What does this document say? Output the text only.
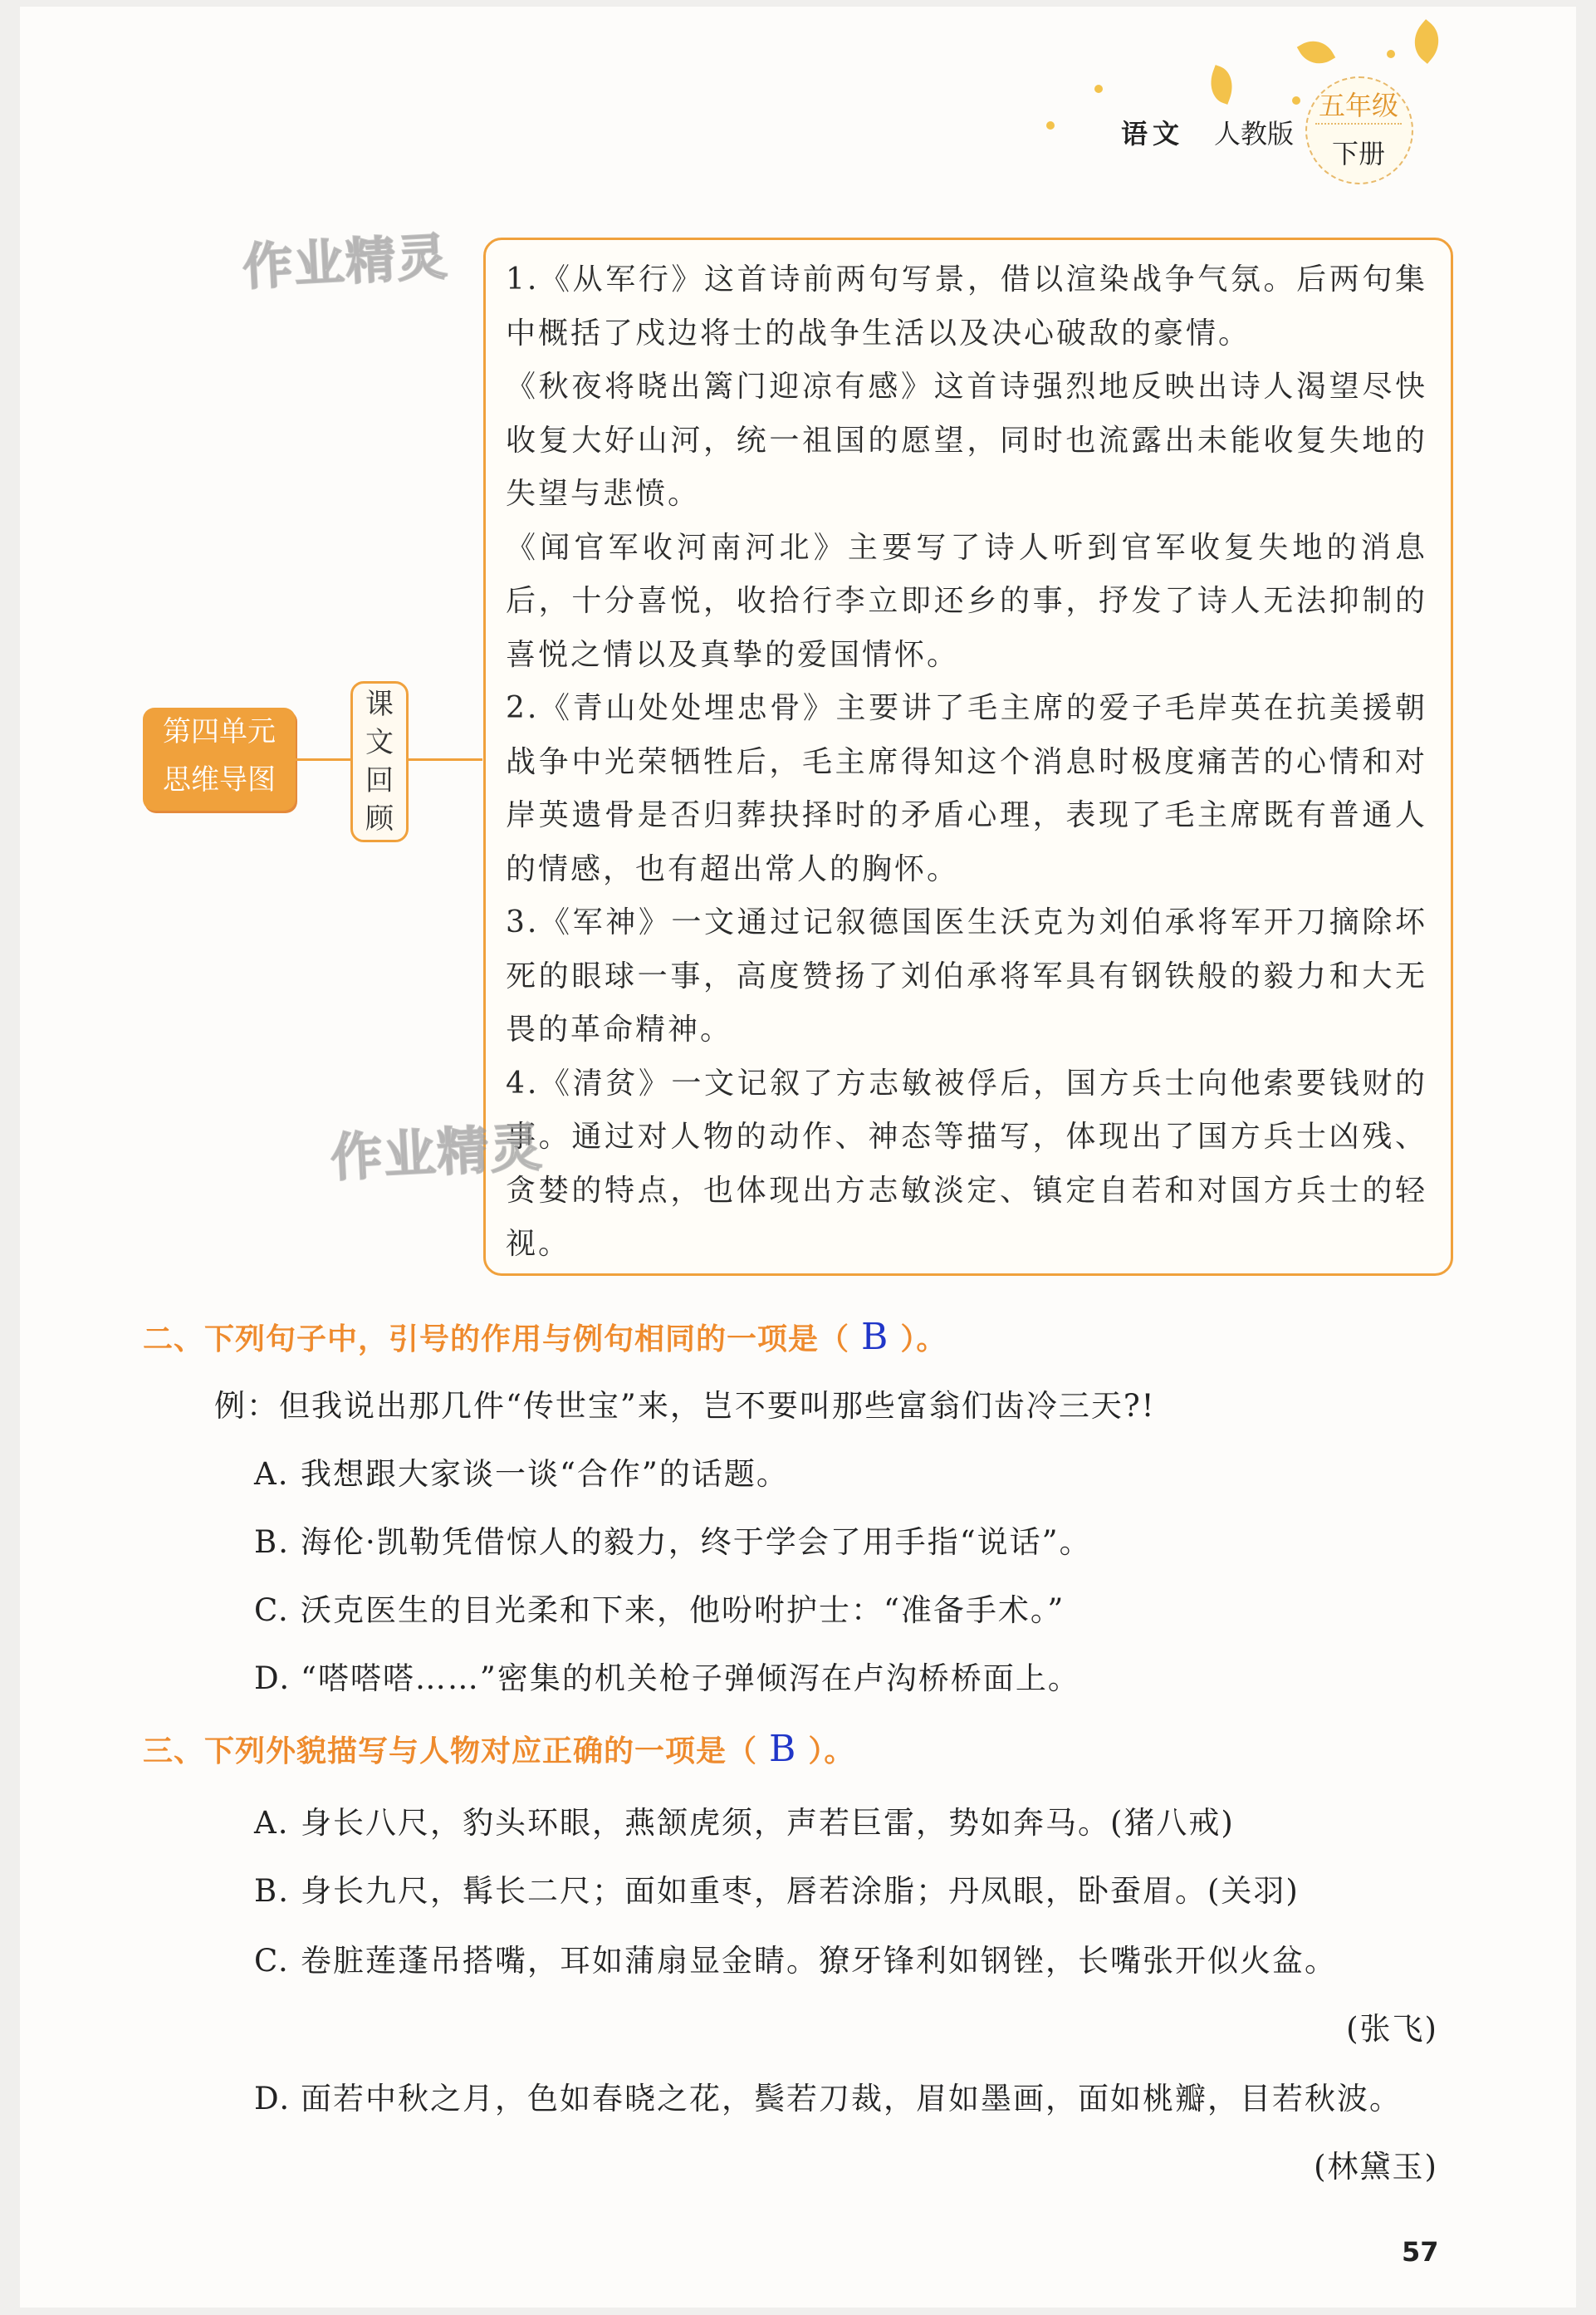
语文 人教版
五年级
下册
作业精灵
第四单元
思维导图
课
文
回
顾

1.《从军行》这首诗前两句写景，借以渲染战争气氛。后两句集中概括了戍边将士的战争生活以及决心破敌的豪情。

《秋夜将晓出篱门迎凉有感》这首诗强烈地反映出诗人渴望尽快收复大好山河，统一祖国的愿望，同时也流露出未能收复失地的失望与悲愤。

《闻官军收河南河北》主要写了诗人听到官军收复失地的消息后，十分喜悦，收拾行李立即还乡的事，抒发了诗人无法抑制的喜悦之情以及真挚的爱国情怀。

2.《青山处处埋忠骨》主要讲了毛主席的爱子毛岸英在抗美援朝战争中光荣牺牲后，毛主席得知这个消息时极度痛苦的心情和对岸英遗骨是否归葬抉择时的矛盾心理，表现了毛主席既有普通人的情感，也有超出常人的胸怀。

3.《军神》一文通过记叙德国医生沃克为刘伯承将军开刀摘除坏死的眼球一事，高度赞扬了刘伯承将军具有钢铁般的毅力和大无畏的革命精神。

4.《清贫》一文记叙了方志敏被俘后，国方兵士向他索要钱财的事。通过对人物的动作、神态等描写，体现出了国方兵士凶残、贪婪的特点，也体现出方志敏淡定、镇定自若和对国方兵士的轻视。

作业精灵
二、下列句子中，引号的作用与例句相同的一项是（ B ）。
例：但我说出那几件“传世宝”来，岂不要叫那些富翁们齿冷三天?!
A. 我想跟大家谈一谈“合作”的话题。
B. 海伦·凯勒凭借惊人的毅力，终于学会了用手指“说话”。
C. 沃克医生的目光柔和下来，他吩咐护士：“准备手术。”
D. “嗒嗒嗒……”密集的机关枪子弹倾泻在卢沟桥桥面上。
三、下列外貌描写与人物对应正确的一项是（ B ）。
A. 身长八尺，豹头环眼，燕颔虎须，声若巨雷，势如奔马。(猪八戒)
B. 身长九尺，髯长二尺；面如重枣，唇若涂脂；丹凤眼，卧蚕眉。(关羽)
C. 卷脏莲蓬吊搭嘴，耳如蒲扇显金睛。獠牙锋利如钢锉，长嘴张开似火盆。
(张飞)
D. 面若中秋之月，色如春晓之花，鬓若刀裁，眉如墨画，面如桃瓣，目若秋波。
(林黛玉)
57
